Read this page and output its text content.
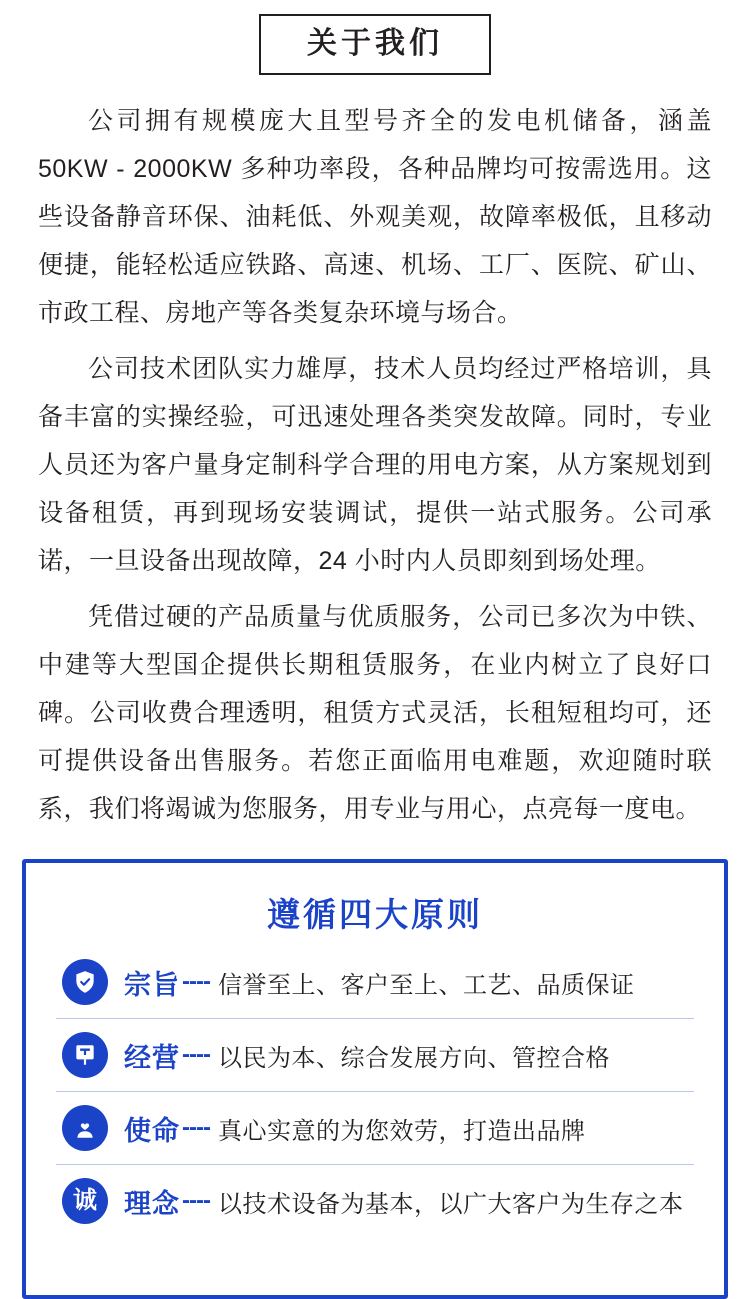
关于我们

公司拥有规模庞大且型号齐全的发电机储备，涵盖50KW - 2000KW 多种功率段，各种品牌均可按需选用。这些设备静音环保、油耗低、外观美观，故障率极低，且移动便捷，能轻松适应铁路、高速、机场、工厂、医院、矿山、市政工程、房地产等各类复杂环境与场合。

公司技术团队实力雄厚，技术人员均经过严格培训，具备丰富的实操经验，可迅速处理各类突发故障。同时，专业人员还为客户量身定制科学合理的用电方案，从方案规划到设备租赁，再到现场安装调试，提供一站式服务。公司承诺，一旦设备出现故障，24 小时内人员即刻到场处理。

凭借过硬的产品质量与优质服务，公司已多次为中铁、中建等大型国企提供长期租赁服务，在业内树立了良好口碑。公司收费合理透明，租赁方式灵活，长租短租均可，还可提供设备出售服务。若您正面临用电难题，欢迎随时联系，我们将竭诚为您服务，用专业与用心，点亮每一度电。

遵循四大原则
宗旨 ---- 信誉至上、客户至上、工艺、品质保证
经营 ---- 以民为本、综合发展方向、管控合格
使命 ---- 真心实意的为您效劳，打造出品牌
诚 理念 ---- 以技术设备为基本，以广大客户为生存之本
